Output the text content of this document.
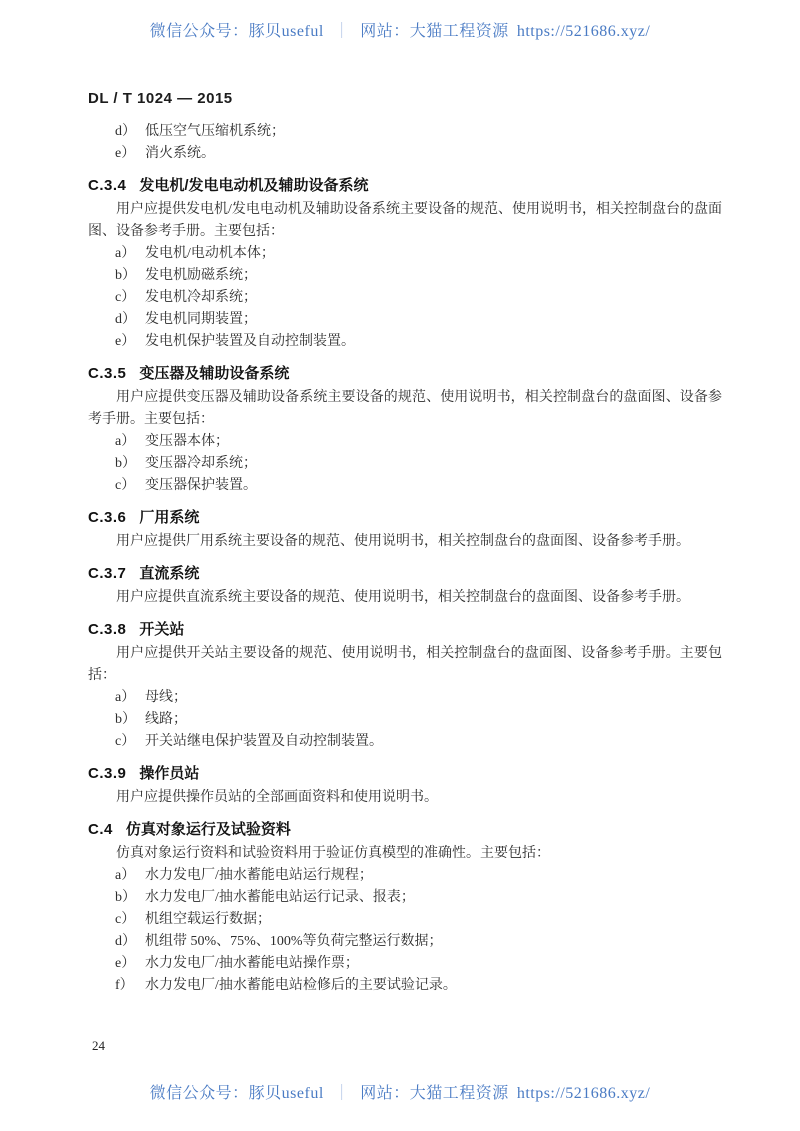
微信公众号：豚贝useful ｜ 网站：大猫工程资源 https://521686.xyz/
DL / T 1024 — 2015
d） 低压空气压缩机系统；
e） 消火系统。
C.3.4 发电机/发电电动机及辅助设备系统

用户应提供发电机/发电电动机及辅助设备系统主要设备的规范、使用说明书，相关控制盘台的盘面图、设备参考手册。主要包括：

a） 发电机/电动机本体；
b） 发电机励磁系统；
c） 发电机冷却系统；
d） 发电机同期装置；
e） 发电机保护装置及自动控制装置。
C.3.5 变压器及辅助设备系统

用户应提供变压器及辅助设备系统主要设备的规范、使用说明书，相关控制盘台的盘面图、设备参考手册。主要包括：

a） 变压器本体；
b） 变压器冷却系统；
c） 变压器保护装置。
C.3.6 厂用系统

用户应提供厂用系统主要设备的规范、使用说明书，相关控制盘台的盘面图、设备参考手册。

C.3.7 直流系统

用户应提供直流系统主要设备的规范、使用说明书，相关控制盘台的盘面图、设备参考手册。

C.3.8 开关站

用户应提供开关站主要设备的规范、使用说明书，相关控制盘台的盘面图、设备参考手册。主要包括：

a） 母线；
b） 线路；
c） 开关站继电保护装置及自动控制装置。
C.3.9 操作员站

用户应提供操作员站的全部画面资料和使用说明书。

C.4 仿真对象运行及试验资料

仿真对象运行资料和试验资料用于验证仿真模型的准确性。主要包括：

a） 水力发电厂/抽水蓄能电站运行规程；
b） 水力发电厂/抽水蓄能电站运行记录、报表；
c） 机组空载运行数据；
d） 机组带 50%、75%、100%等负荷完整运行数据；
e） 水力发电厂/抽水蓄能电站操作票；
f） 水力发电厂/抽水蓄能电站检修后的主要试验记录。
24
微信公众号：豚贝useful ｜ 网站：大猫工程资源 https://521686.xyz/
